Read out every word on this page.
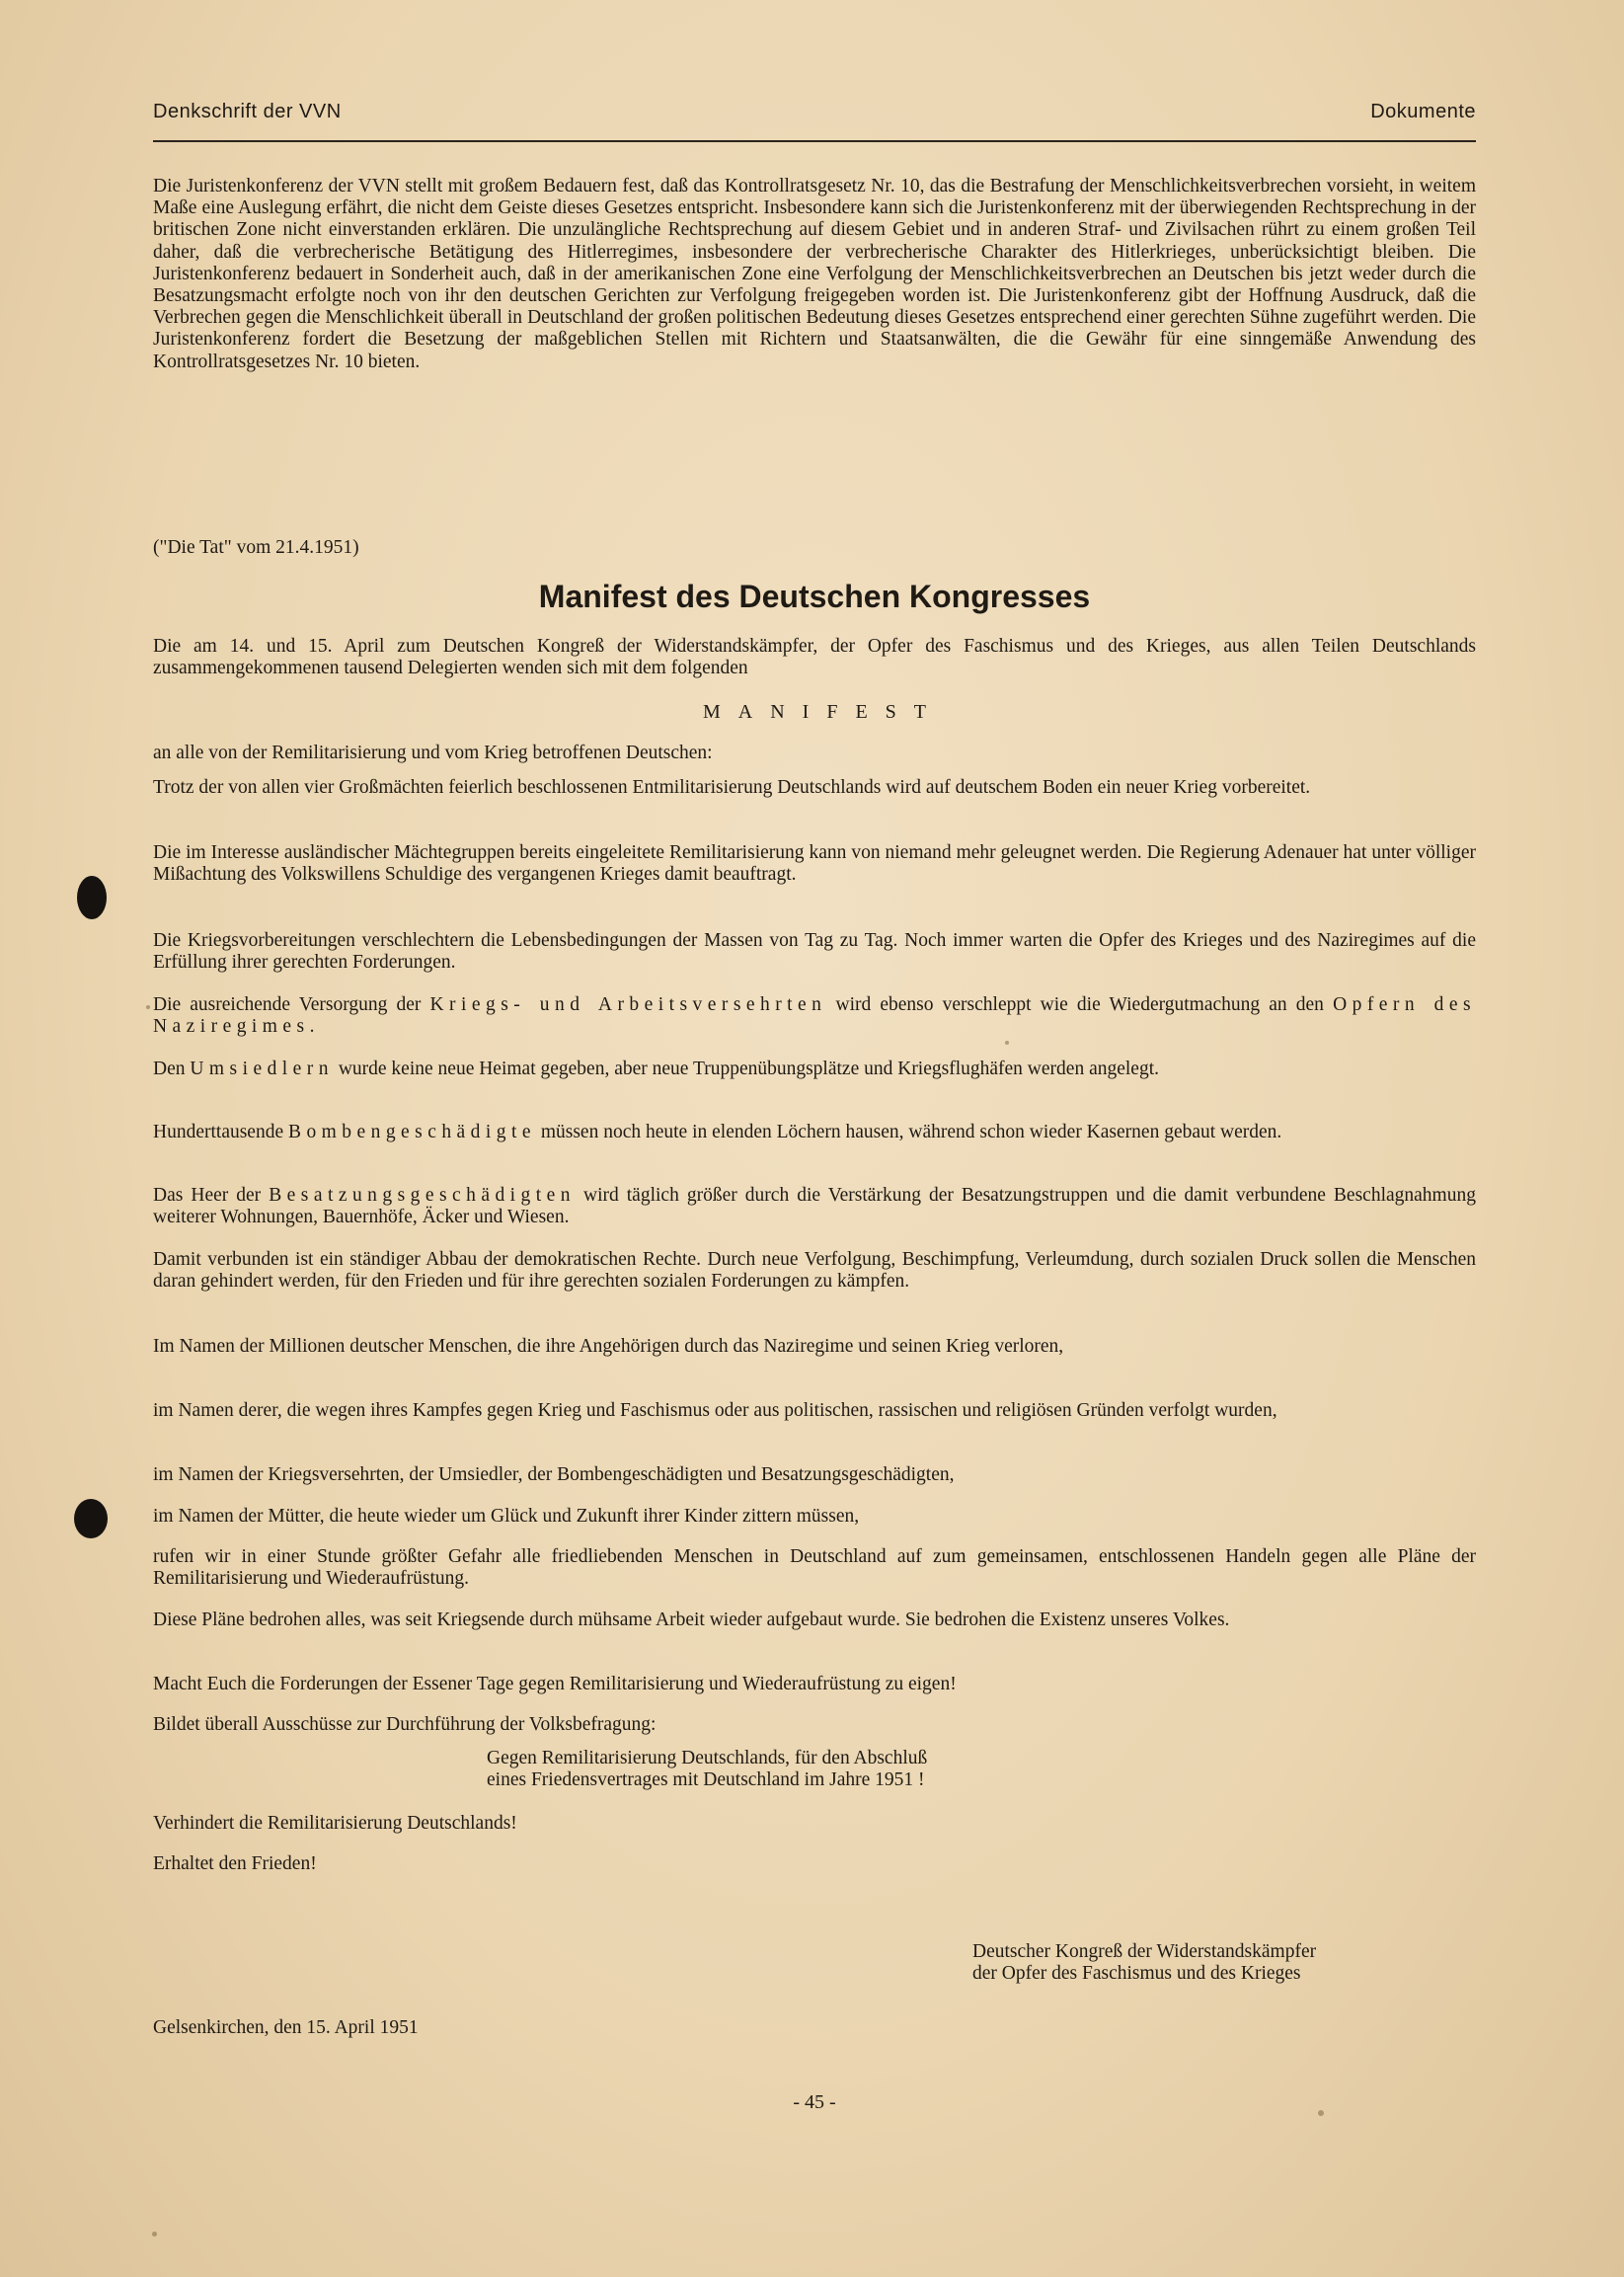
Denkschrift der VVN	Dokumente

Die Juristenkonferenz der VVN stellt mit großem Bedauern fest, daß das Kontrollratsgesetz Nr. 10, das die Bestrafung der Menschlichkeitsverbrechen vorsieht, in weitem Maße eine Auslegung erfährt, die nicht dem Geiste dieses Gesetzes entspricht. Insbesondere kann sich die Juristenkonferenz mit der überwiegenden Rechtsprechung in der britischen Zone nicht einverstanden erklären. Die unzulängliche Rechtsprechung auf diesem Gebiet und in anderen Straf- und Zivilsachen rührt zu einem großen Teil daher, daß die verbrecherische Betätigung des Hitlerregimes, insbesondere der verbrecherische Charakter des Hitlerkrieges, unberücksichtigt bleiben. Die Juristenkonferenz bedauert in Sonderheit auch, daß in der amerikanischen Zone eine Verfolgung der Menschlichkeitsverbrechen an Deutschen bis jetzt weder durch die Besatzungsmacht erfolgte noch von ihr den deutschen Gerichten zur Verfolgung freigegeben worden ist. Die Juristenkonferenz gibt der Hoffnung Ausdruck, daß die Verbrechen gegen die Menschlichkeit überall in Deutschland der großen politischen Bedeutung dieses Gesetzes entsprechend einer gerechten Sühne zugeführt werden. Die Juristenkonferenz fordert die Besetzung der maßgeblichen Stellen mit Richtern und Staatsanwälten, die die Gewähr für eine sinngemäße Anwendung des Kontrollratsgesetzes Nr. 10 bieten.

("Die Tat" vom 21.4.1951)

Manifest des Deutschen Kongresses

Die am 14. und 15. April zum Deutschen Kongreß der Widerstandskämpfer, der Opfer des Faschismus und des Krieges, aus allen Teilen Deutschlands zusammengekommenen tausend Delegierten wenden sich mit dem folgenden

MANIFEST

an alle von der Remilitarisierung und vom Krieg betroffenen Deutschen:

Trotz der von allen vier Großmächten feierlich beschlossenen Entmilitarisierung Deutschlands wird auf deutschem Boden ein neuer Krieg vorbereitet.

Die im Interesse ausländischer Mächtegruppen bereits eingeleitete Remilitarisierung kann von niemand mehr geleugnet werden. Die Regierung Adenauer hat unter völliger Mißachtung des Volkswillens Schuldige des vergangenen Krieges damit beauftragt.

Die Kriegsvorbereitungen verschlechtern die Lebensbedingungen der Massen von Tag zu Tag. Noch immer warten die Opfer des Krieges und des Naziregimes auf die Erfüllung ihrer gerechten Forderungen.

Die ausreichende Versorgung der Kriegs- und Arbeitsversehrten wird ebenso verschleppt wie die Wiedergutmachung an den Opfern des Naziregimes.

Den Umsiedlern wurde keine neue Heimat gegeben, aber neue Truppenübungsplätze und Kriegsflughäfen werden angelegt.

Hunderttausende Bombengeschädigte müssen noch heute in elenden Löchern hausen, während schon wieder Kasernen gebaut werden.

Das Heer der Besatzungsgeschädigten wird täglich größer durch die Verstärkung der Besatzungstruppen und die damit verbundene Beschlagnahmung weiterer Wohnungen, Bauernhöfe, Äcker und Wiesen.

Damit verbunden ist ein ständiger Abbau der demokratischen Rechte. Durch neue Verfolgung, Beschimpfung, Verleumdung, durch sozialen Druck sollen die Menschen daran gehindert werden, für den Frieden und für ihre gerechten sozialen Forderungen zu kämpfen.

Im Namen der Millionen deutscher Menschen, die ihre Angehörigen durch das Naziregime und seinen Krieg verloren,

im Namen derer, die wegen ihres Kampfes gegen Krieg und Faschismus oder aus politischen, rassischen und religiösen Gründen verfolgt wurden,

im Namen der Kriegsversehrten, der Umsiedler, der Bombengeschädigten und Besatzungsgeschädigten,

im Namen der Mütter, die heute wieder um Glück und Zukunft ihrer Kinder zittern müssen,

rufen wir in einer Stunde größter Gefahr alle friedliebenden Menschen in Deutschland auf zum gemeinsamen, entschlossenen Handeln gegen alle Pläne der Remilitarisierung und Wiederaufrüstung.

Diese Pläne bedrohen alles, was seit Kriegsende durch mühsame Arbeit wieder aufgebaut wurde. Sie bedrohen die Existenz unseres Volkes.

Macht Euch die Forderungen der Essener Tage gegen Remilitarisierung und Wiederaufrüstung zu eigen!

Bildet überall Ausschüsse zur Durchführung der Volksbefragung:

Gegen Remilitarisierung Deutschlands, für den Abschluß
eines Friedensvertrages mit Deutschland im Jahre 1951 !

Verhindert die Remilitarisierung Deutschlands!

Erhaltet den Frieden!

Deutscher Kongreß der Widerstandskämpfer
der Opfer des Faschismus und des Krieges

Gelsenkirchen, den 15. April 1951

- 45 -
